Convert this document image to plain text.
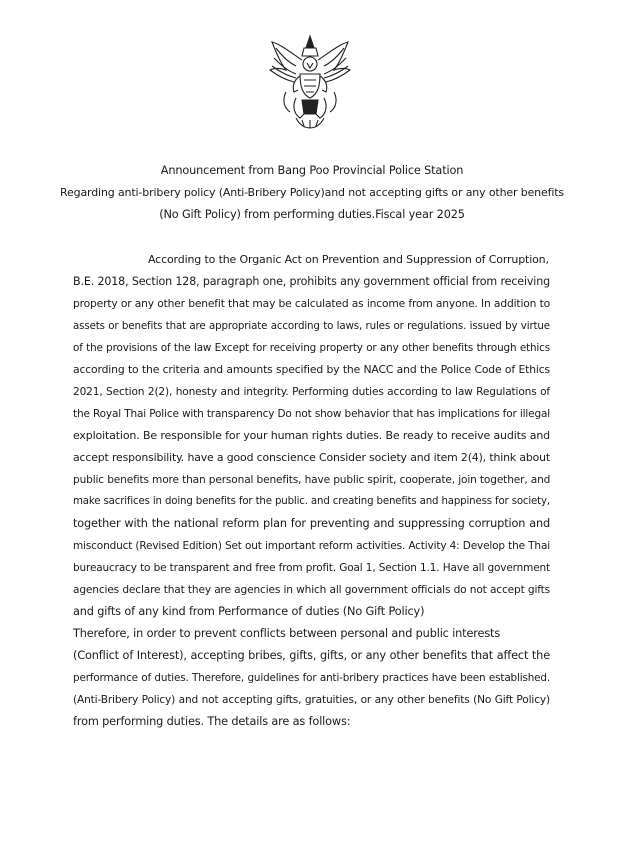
Announcement from Bang Poo Provincial Police Station
Regarding anti-bribery policy (Anti-Bribery Policy)and not accepting gifts or any other benefits
(No Gift Policy) from performing duties.Fiscal year 2025
According to the Organic Act on Prevention and Suppression of Corruption,
B.E. 2018, Section 128, paragraph one, prohibits any government official from receiving
property or any other benefit that may be calculated as income from anyone. In addition to
assets or benefits that are appropriate according to laws, rules or regulations. issued by virtue
of the provisions of the law Except for receiving property or any other benefits through ethics
according to the criteria and amounts specified by the NACC and the Police Code of Ethics
2021, Section 2(2), honesty and integrity. Performing duties according to law Regulations of
the Royal Thai Police with transparency Do not show behavior that has implications for illegal
exploitation. Be responsible for your human rights duties. Be ready to receive audits and
accept responsibility. have a good conscience Consider society and item 2(4), think about
public benefits more than personal benefits, have public spirit, cooperate, join together, and
make sacrifices in doing benefits for the public. and creating benefits and happiness for society,
together with the national reform plan for preventing and suppressing corruption and
misconduct (Revised Edition) Set out important reform activities. Activity 4: Develop the Thai
bureaucracy to be transparent and free from profit. Goal 1, Section 1.1. Have all government
agencies declare that they are agencies in which all government officials do not accept gifts
and gifts of any kind from Performance of duties (No Gift Policy)
Therefore, in order to prevent conflicts between personal and public interests
(Conflict of Interest), accepting bribes, gifts, gifts, or any other benefits that affect the
performance of duties. Therefore, guidelines for anti-bribery practices have been established.
(Anti-Bribery Policy) and not accepting gifts, gratuities, or any other benefits (No Gift Policy)
from performing duties. The details are as follows:
